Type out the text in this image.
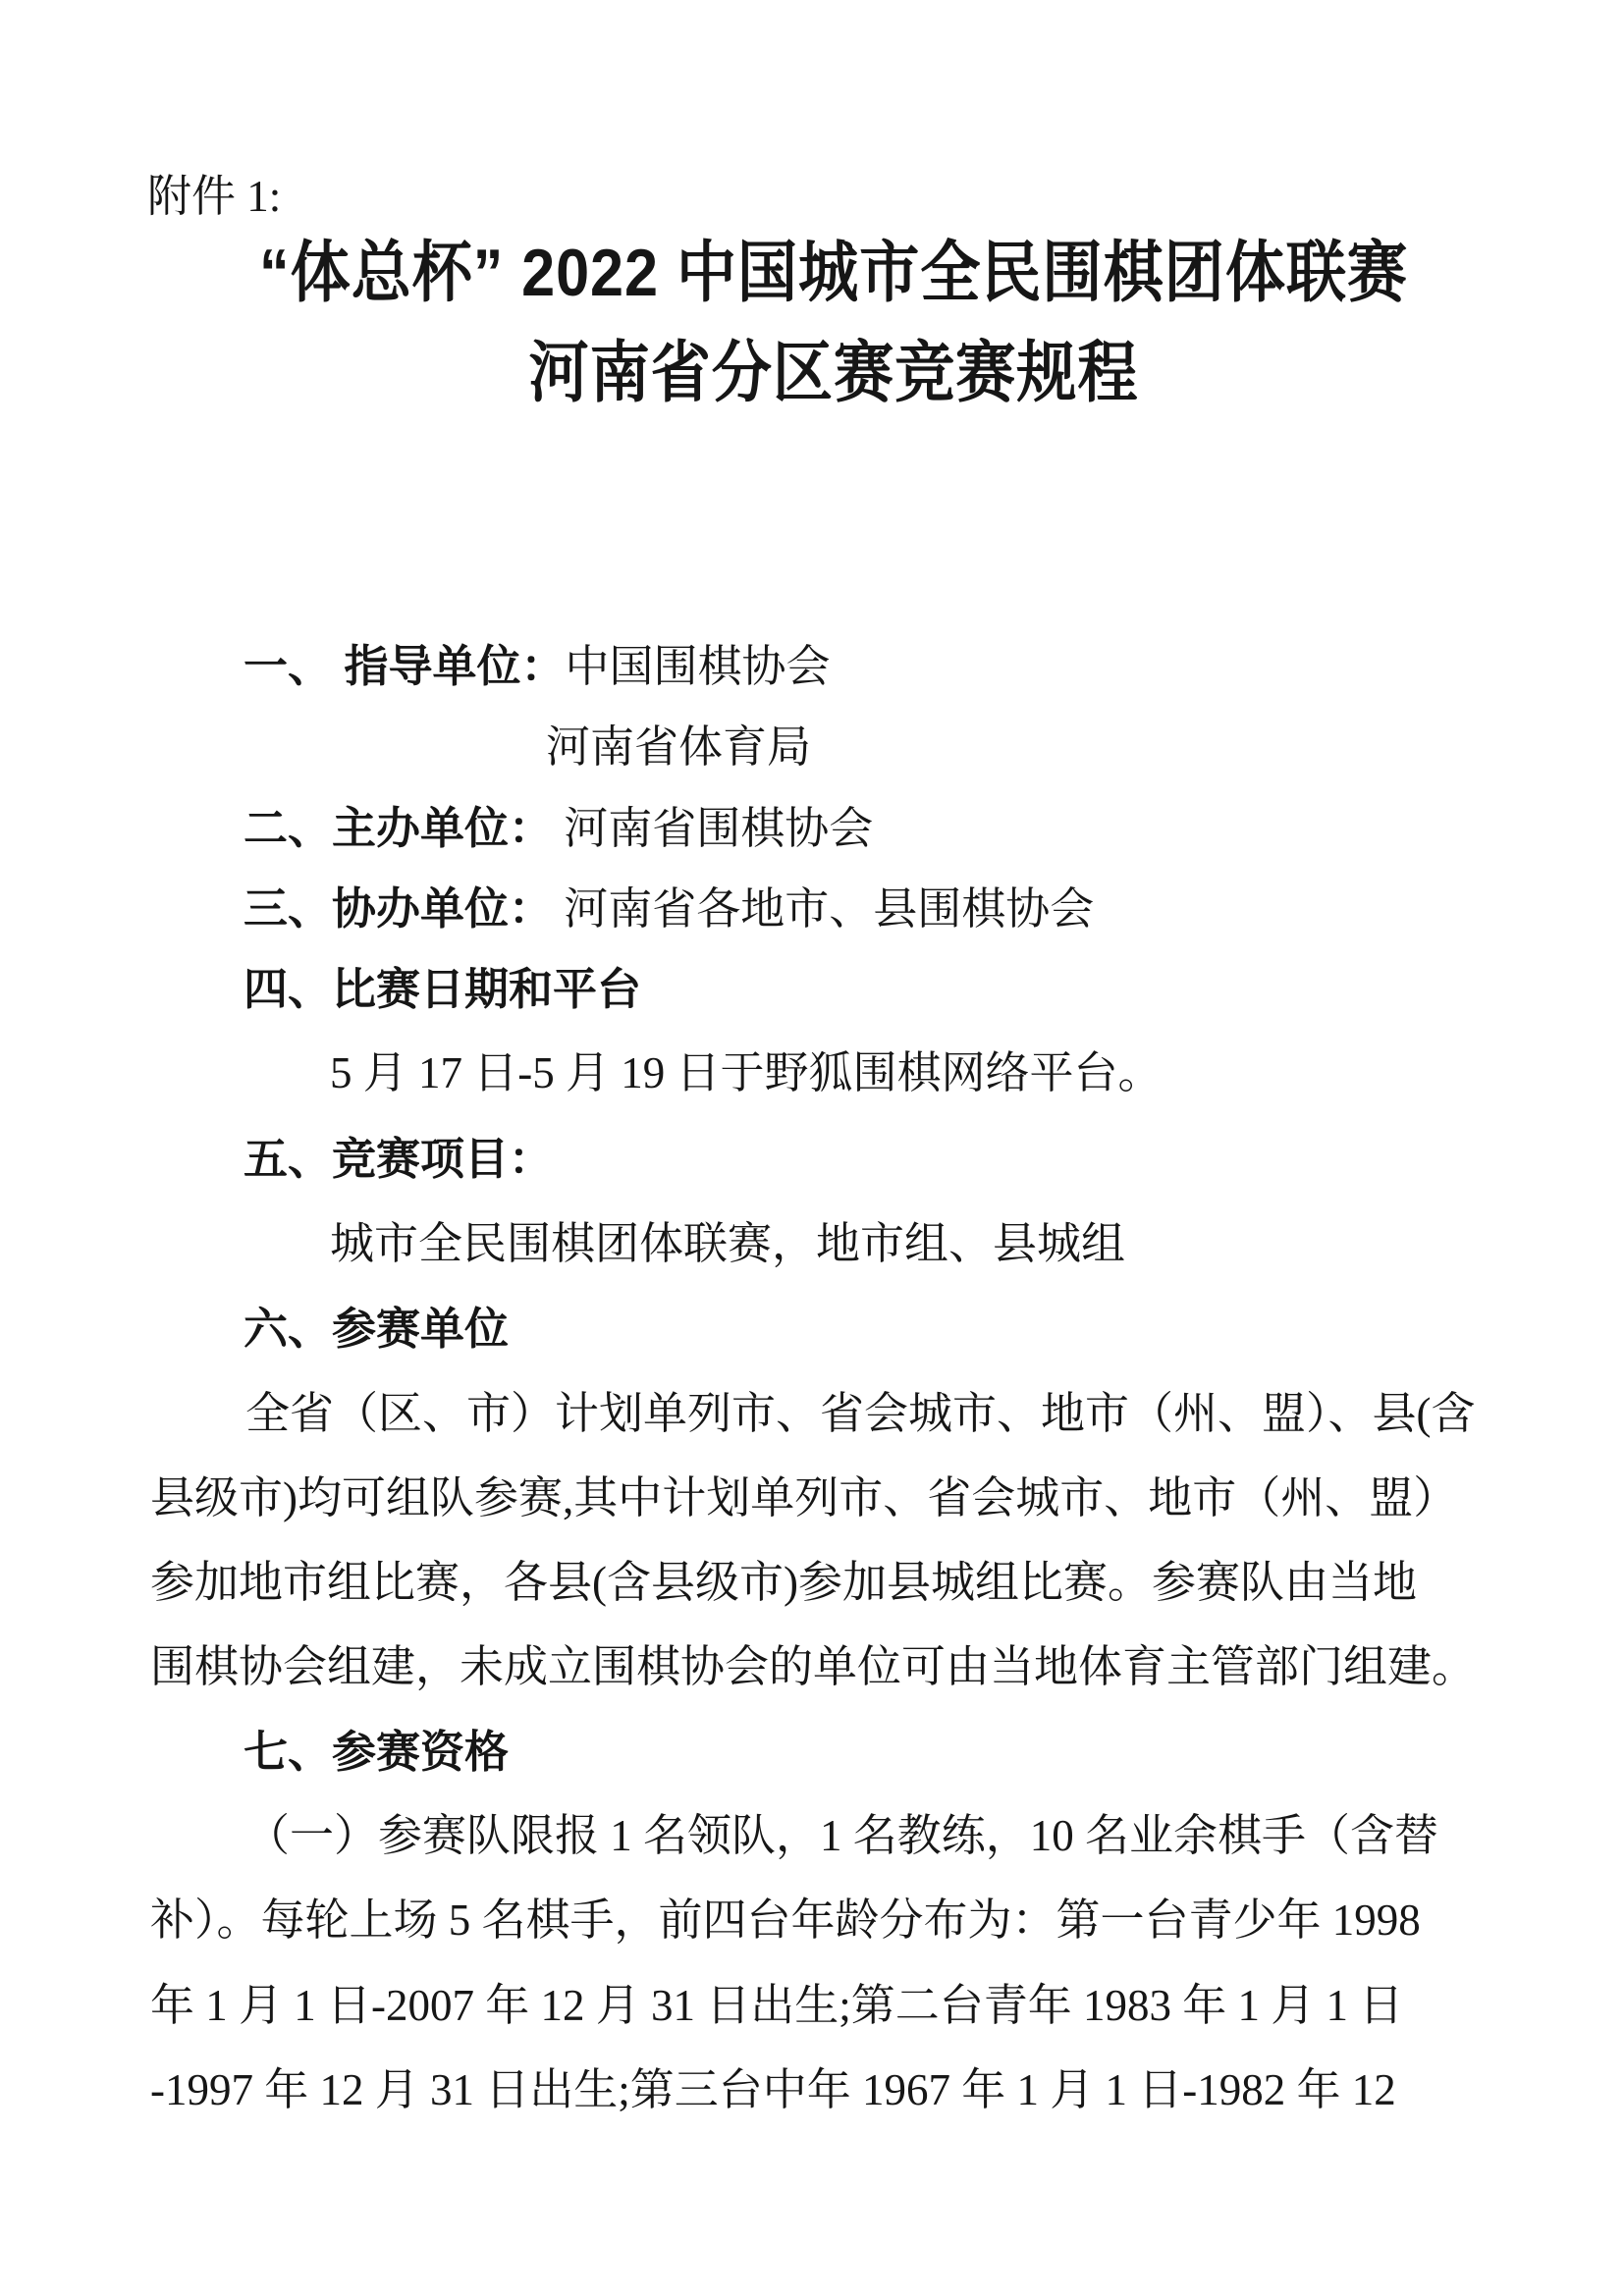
附件 1:
“体总杯” 2022 中国城市全民围棋团体联赛
河南省分区赛竞赛规程
一、 指导单位：中国围棋协会
河南省体育局
二、主办单位： 河南省围棋协会
三、协办单位： 河南省各地市、县围棋协会
四、比赛日期和平台
5 月 17 日-5 月 19 日于野狐围棋网络平台。
五、竞赛项目：
城市全民围棋团体联赛，地市组、县城组
六、参赛单位
全省（区、市）计划单列市、省会城市、地市（州、盟）、县(含
县级市)均可组队参赛,其中计划单列市、省会城市、地市（州、盟）
参加地市组比赛，各县(含县级市)参加县城组比赛。参赛队由当地
围棋协会组建，未成立围棋协会的单位可由当地体育主管部门组建。
七、参赛资格
（一）参赛队限报 1 名领队，1 名教练，10 名业余棋手（含替
补）。每轮上场 5 名棋手，前四台年龄分布为：第一台青少年 1998
年 1 月 1 日-2007 年 12 月 31 日出生;第二台青年 1983 年 1 月 1 日
-1997 年 12 月 31 日出生;第三台中年 1967 年 1 月 1 日-1982 年 12
